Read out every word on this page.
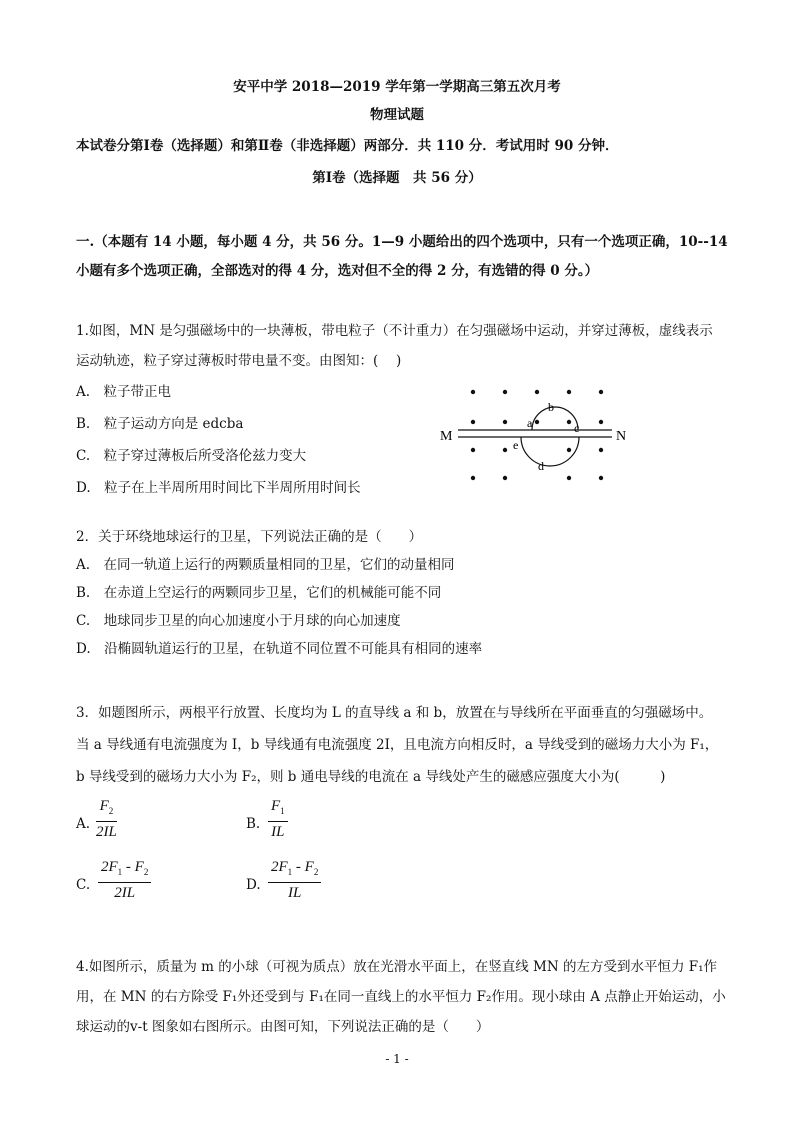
安平中学 2018—2019 学年第一学期高三第五次月考
物理试题
本试卷分第Ⅰ卷（选择题）和第Ⅱ卷（非选择题）两部分．共 110 分．考试用时 90 分钟．
第Ⅰ卷（选择题　共 56 分）
一.（本题有 14 小题，每小题 4 分，共 56 分。1—9 小题给出的四个选项中，只有一个选项正确，10--14
小题有多个选项正确，全部选对的得 4 分，选对但不全的得 2 分，有选错的得 0 分。）
1.如图，MN 是匀强磁场中的一块薄板，带电粒子（不计重力）在匀强磁场中运动，并穿过薄板，虚线表示
运动轨迹，粒子穿过薄板时带电量不变。由图知：(　 )
A.　粒子带正电
B.　粒子运动方向是 edcba
C.　粒子穿过薄板后所受洛伦兹力变大
D.　粒子在上半周所用时间比下半周所用时间长
M	N
a
b
c
d
e
2．关于环绕地球运行的卫星，下列说法正确的是（　　）
A.　在同一轨道上运行的两颗质量相同的卫星，它们的动量相同
B.　在赤道上空运行的两颗同步卫星，它们的机械能可能不同
C.　地球同步卫星的向心加速度小于月球的向心加速度
D.　沿椭圆轨道运行的卫星，在轨道不同位置不可能具有相同的速率
3．如题图所示，两根平行放置、长度均为 L 的直导线 a 和 b，放置在与导线所在平面垂直的匀强磁场中。
当 a 导线通有电流强度为 I，b 导线通有电流强度 2I，且电流方向相反时，a 导线受到的磁场力大小为 F₁，
b 导线受到的磁场力大小为 F₂，则 b 通电导线的电流在 a 导线处产生的磁感应强度大小为(　　　)
A.
$F_2$
2IL	B.
$F_1$
IL
C.
$2F_1 - F_2$
2IL	D.
$2F_1 - F_2$
IL
4.如图所示，质量为 m 的小球（可视为质点）放在光滑水平面上，在竖直线 MN 的左方受到水平恒力 F₁作
用，在 MN 的右方除受 F₁外还受到与 F₁在同一直线上的水平恒力 F₂作用。现小球由 A 点静止开始运动，小
球运动的v-t 图象如右图所示。由图可知，下列说法正确的是（　　）
- 1 -
